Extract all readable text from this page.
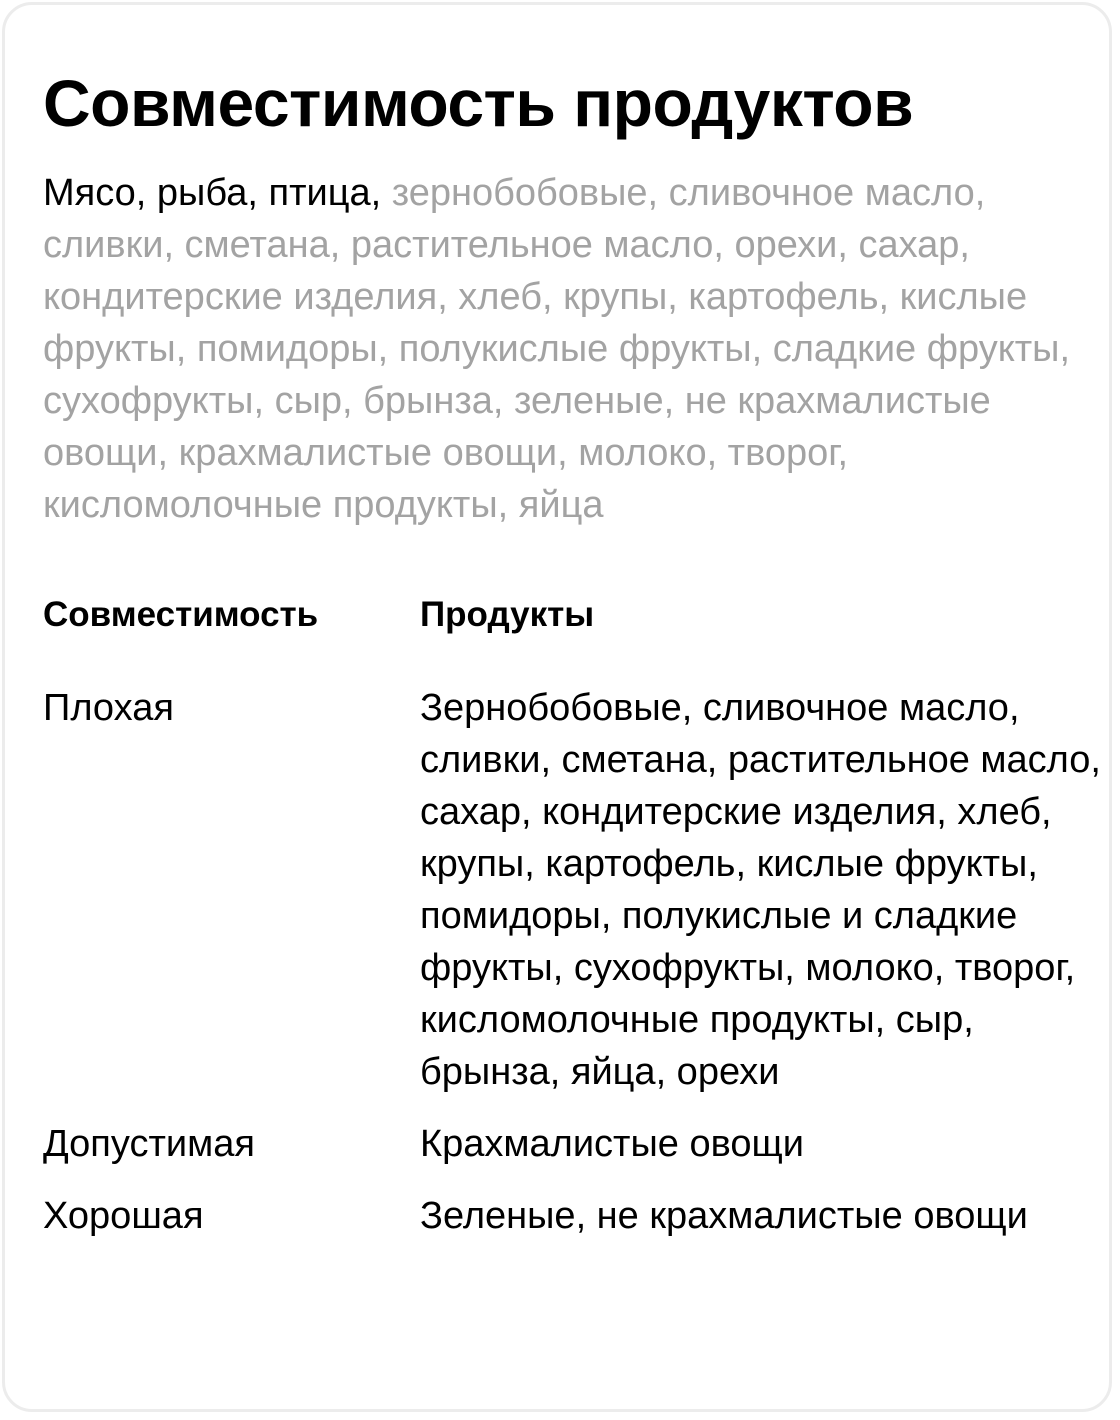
Совместимость продуктов

Мясо, рыба, птица, зернобобовые, сливочное масло, сливки, сметана, растительное масло, орехи, сахар, кондитерские изделия, хлеб, крупы, картофель, кислые фрукты, помидоры, полукислые фрукты, сладкие фрукты, сухофрукты, сыр, брынза, зеленые, не крахмалистые овощи, крахмалистые овощи, молоко, творог, кисломолочные продукты, яйца

Совместимость	Продукты
Плохая	Зернобобовые, сливочное масло, сливки, сметана, растительное масло, сахар, кондитерские изделия, хлеб, крупы, картофель, кислые фрукты, помидоры, полукислые и сладкие фрукты, сухофрукты, молоко, творог, кисломолочные продукты, сыр, брынза, яйца, орехи
Допустимая	Крахмалистые овощи
Хорошая	Зеленые, не крахмалистые овощи
